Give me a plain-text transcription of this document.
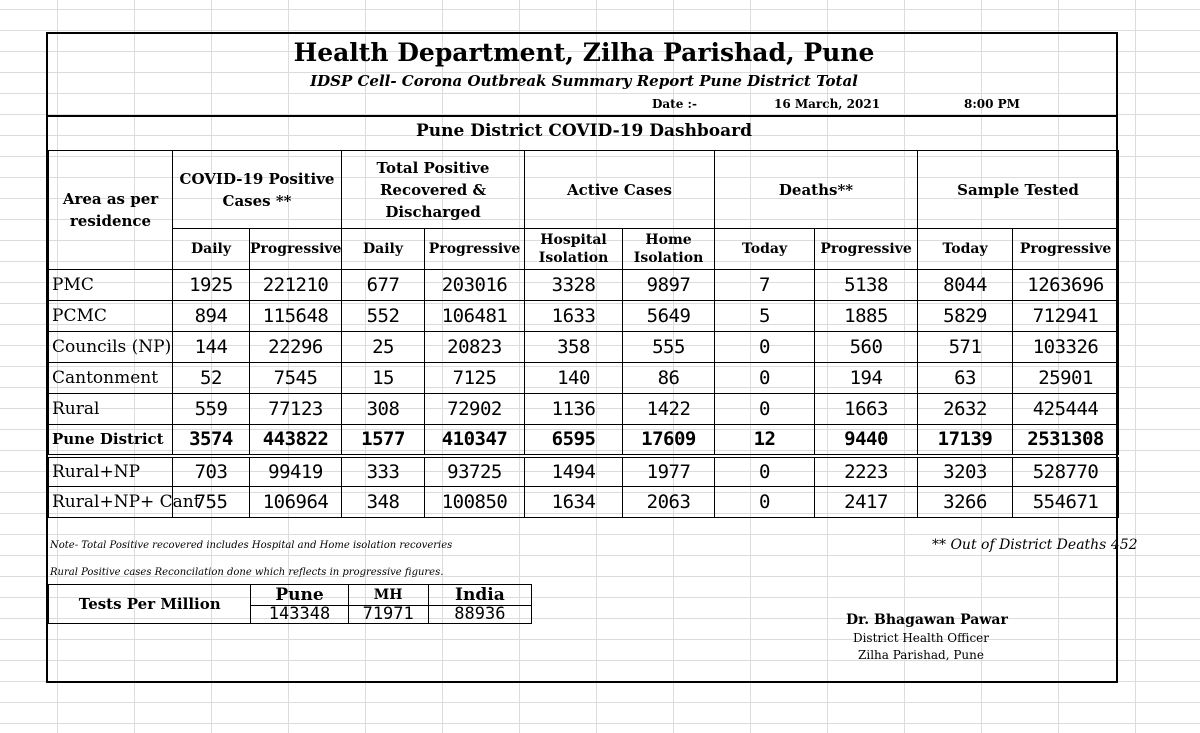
Health Department, Zilha Parishad, Pune
IDSP Cell- Corona Outbreak Summary Report Pune District Total
Date :-	16 March, 2021	8:00 PM
Pune District COVID-19 Dashboard
Area as per residence	COVID-19 Positive Cases **		Total Positive Recovered & Discharged		Active Cases		Deaths**		Sample Tested	
	Daily	Progressive	Daily	Progressive	Hospital Isolation	Home Isolation	Today	Progressive	Today	Progressive
PMC	1925	221210	677	203016	3328	9897	7	5138	8044	1263696
PCMC	894	115648	552	106481	1633	5649	5	1885	5829	712941
Councils (NP)	144	22296	25	20823	358	555	0	560	571	103326
Cantonment	52	7545	15	7125	140	86	0	194	63	25901
Rural	559	77123	308	72902	1136	1422	0	1663	2632	425444
Pune District	3574	443822	1577	410347	6595	17609	12	9440	17139	2531308
Rural+NP	703	99419	333	93725	1494	1977	0	2223	3203	528770
Rural+NP+ Cant	755	106964	348	100850	1634	2063	0	2417	3266	554671
Note- Total Positive recovered includes Hospital and Home isolation recoveries
Rural Positive cases Reconcilation done which reflects in progressive figures.
** Out of District Deaths 452
Tests Per Million	Pune	MH	India
	143348	71971	88936	Dr. Bhagawan Pawar
District Health Officer
Zilha Parishad, Pune
